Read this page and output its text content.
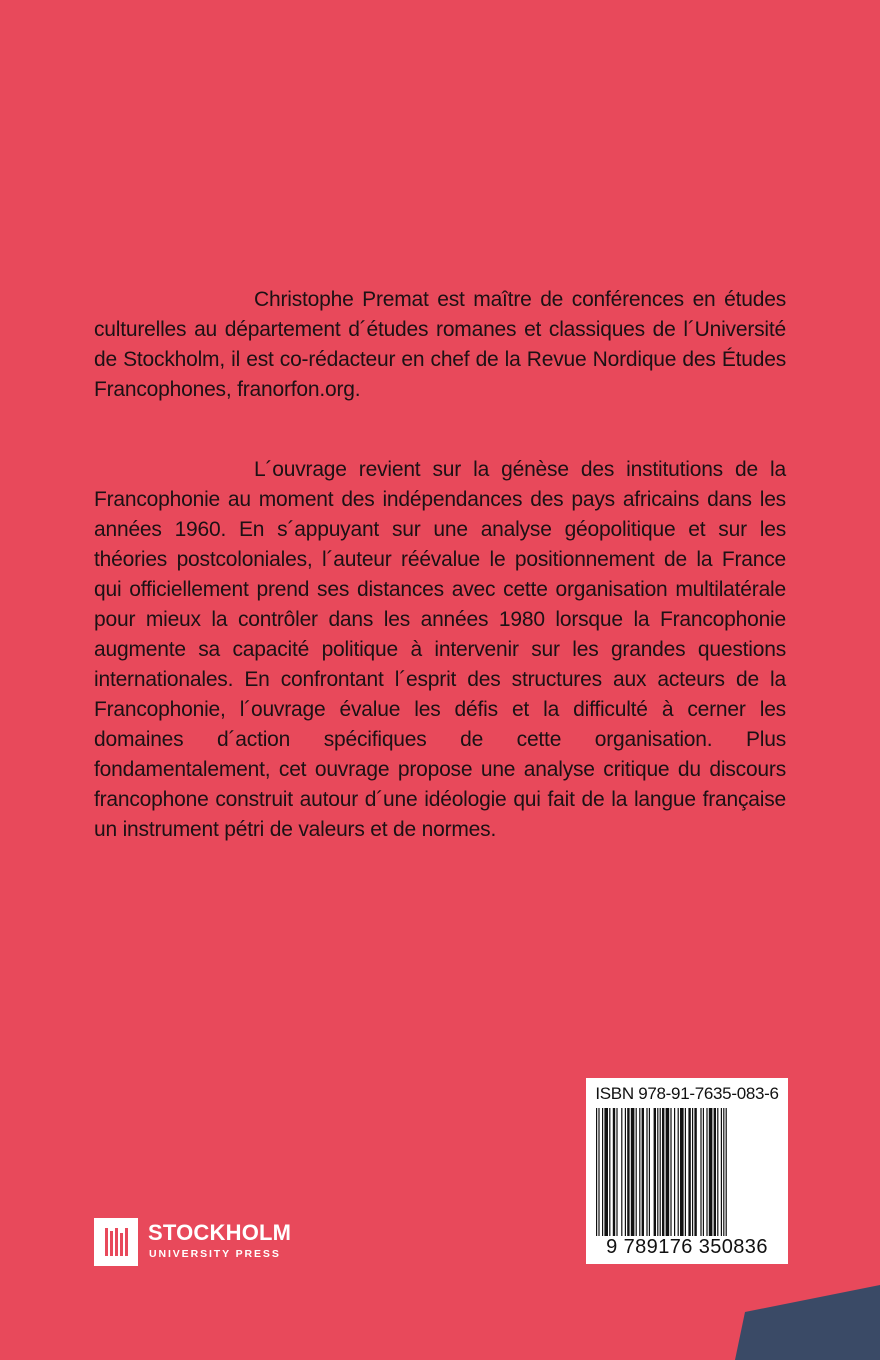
Christophe Premat est maître de conférences en études culturelles au département d´études romanes et classiques de l´Université de Stockholm, il est co-rédacteur en chef de la Revue Nordique des Études Francophones, franorfon.org.
L´ouvrage revient sur la génèse des institutions de la Francophonie au moment des indépendances des pays africains dans les années 1960. En s´appuyant sur une analyse géopolitique et sur les théories postcoloniales, l´auteur réévalue le positionnement de la France qui officiellement prend ses distances avec cette organisation multilatérale pour mieux la contrôler dans les années 1980 lorsque la Francophonie augmente sa capacité politique à intervenir sur les grandes questions internationales. En confrontant l´esprit des structures aux acteurs de la Francophonie, l´ouvrage évalue les défis et la difficulté à cerner les domaines d´action spécifiques de cette organisation. Plus fondamentalement, cet ouvrage propose une analyse critique du discours francophone construit autour d´une idéologie qui fait de la langue française un instrument pétri de valeurs et de normes.
ISBN 978-91-7635-083-6
9 789176 350836
STOCKHOLM
UNIVERSITY PRESS
